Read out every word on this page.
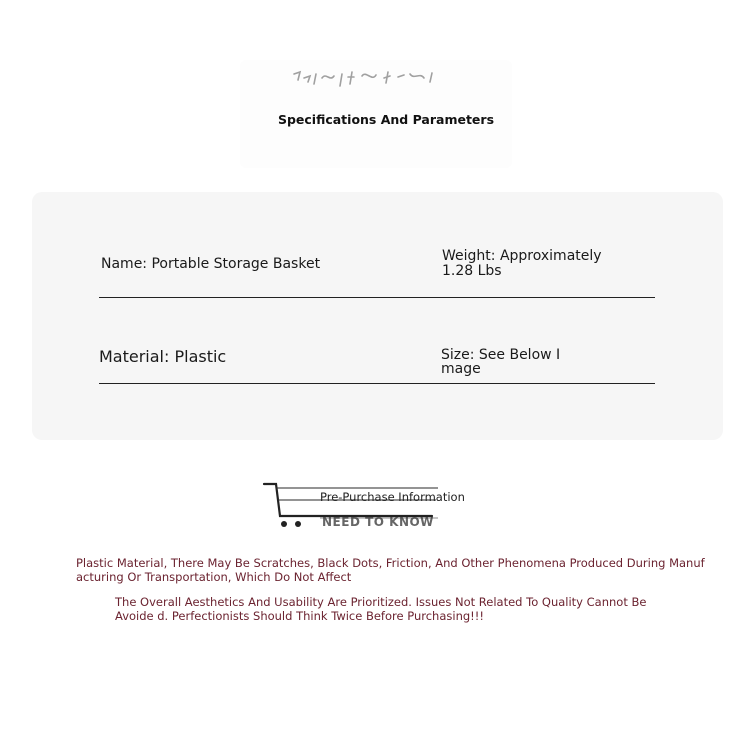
Specifications And Parameters
Name: Portable Storage Basket	Weight: Approximately 1.28 Lbs
Material: Plastic	Size: See Below I mage
Pre-Purchase Information
NEED TO KNOW
Plastic Material, There May Be Scratches, Black Dots, Friction, And Other Phenomena Produced During Manuf acturing Or Transportation, Which Do Not Affect
The Overall Aesthetics And Usability Are Prioritized. Issues Not Related To Quality Cannot Be Avoide d. Perfectionists Should Think Twice Before Purchasing!!!
